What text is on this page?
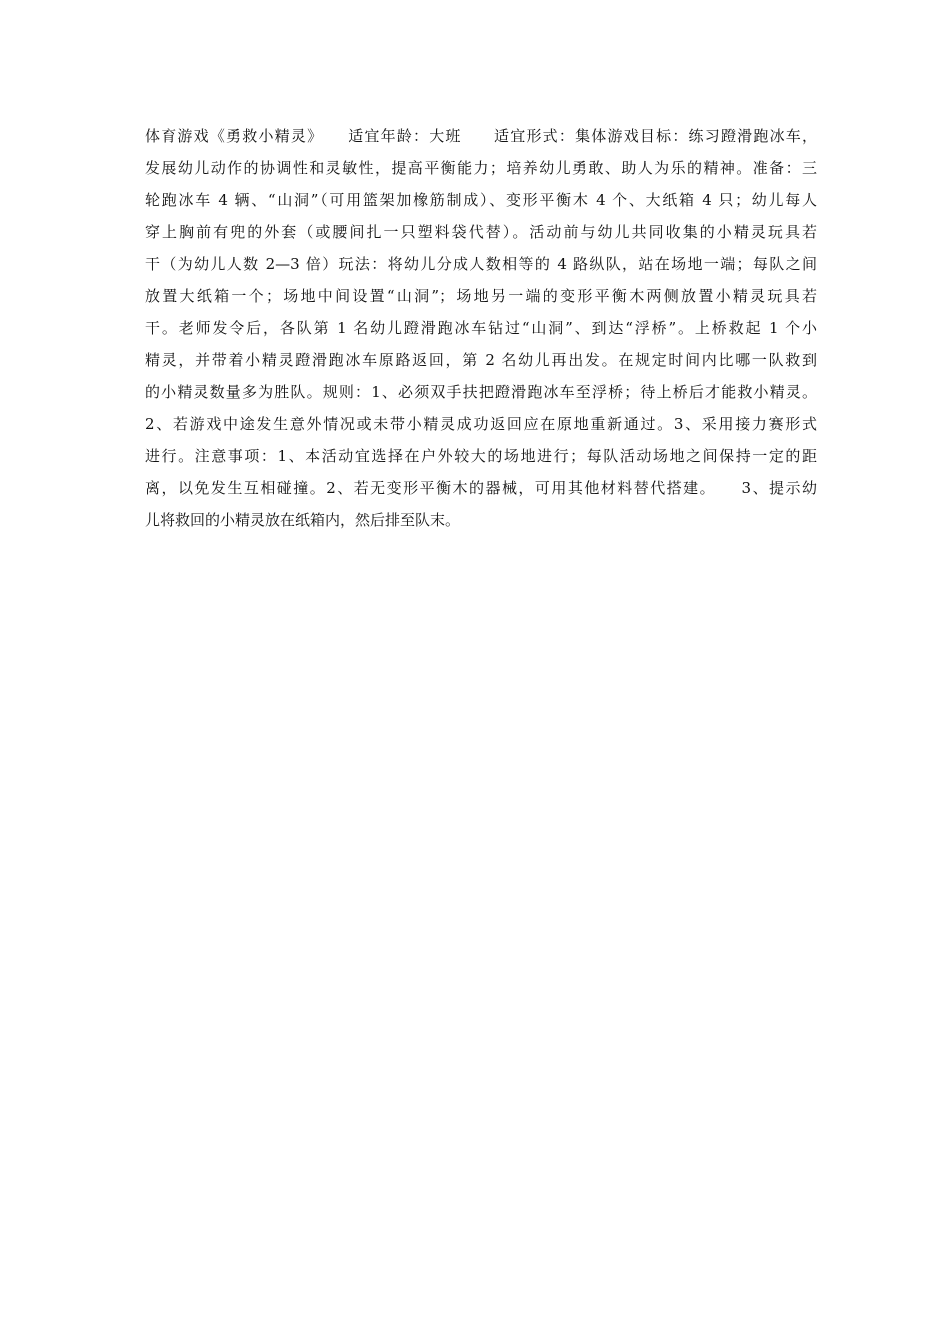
体育游戏《勇救小精灵》　　适宜年龄：大班　　适宜形式：集体游戏目标：练习蹬滑跑冰车，
发展幼儿动作的协调性和灵敏性，提高平衡能力；培养幼儿勇敢、助人为乐的精神。准备：三
轮跑冰车 4 辆、“山洞”（可用篮架加橡筋制成）、变形平衡木 4 个、大纸箱 4 只；幼儿每人
穿上胸前有兜的外套（或腰间扎一只塑料袋代替）。活动前与幼儿共同收集的小精灵玩具若
干（为幼儿人数 2—3 倍）玩法：将幼儿分成人数相等的 4 路纵队，站在场地一端；每队之间
放置大纸箱一个；场地中间设置“山洞”；场地另一端的变形平衡木两侧放置小精灵玩具若
干。老师发令后，各队第 1 名幼儿蹬滑跑冰车钻过“山洞”、到达“浮桥”。上桥救起 1 个小
精灵，并带着小精灵蹬滑跑冰车原路返回，第 2 名幼儿再出发。在规定时间内比哪一队救到
的小精灵数量多为胜队。规则：1、必须双手扶把蹬滑跑冰车至浮桥；待上桥后才能救小精灵。
2、若游戏中途发生意外情况或未带小精灵成功返回应在原地重新通过。3、采用接力赛形式
进行。注意事项：1、本活动宜选择在户外较大的场地进行；每队活动场地之间保持一定的距
离，以免发生互相碰撞。2、若无变形平衡木的器械，可用其他材料替代搭建。　　3、提示幼
儿将救回的小精灵放在纸箱内，然后排至队末。
